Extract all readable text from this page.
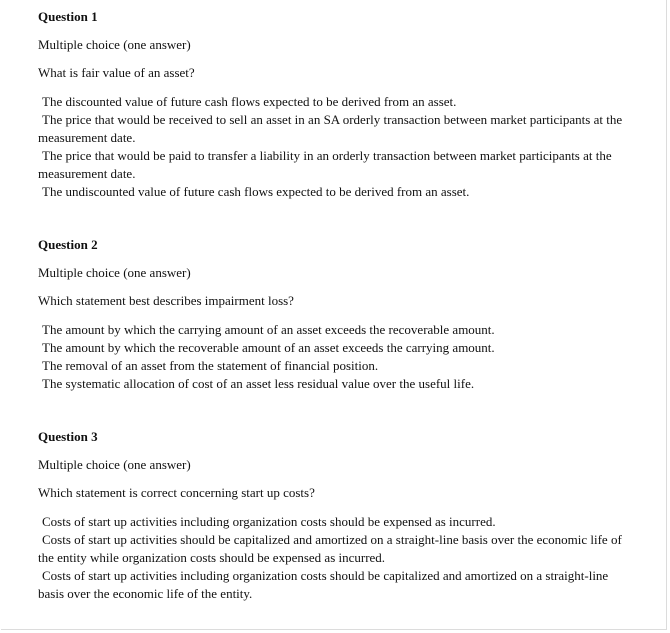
Question 1

Multiple choice (one answer)

What is fair value of an asset?

The discounted value of future cash flows expected to be derived from an asset.
The price that would be received to sell an asset in an SA orderly transaction between market participants at the measurement date.
The price that would be paid to transfer a liability in an orderly transaction between market participants at the measurement date.
The undiscounted value of future cash flows expected to be derived from an asset.

Question 2

Multiple choice (one answer)

Which statement best describes impairment loss?

The amount by which the carrying amount of an asset exceeds the recoverable amount.
The amount by which the recoverable amount of an asset exceeds the carrying amount.
The removal of an asset from the statement of financial position.
The systematic allocation of cost of an asset less residual value over the useful life.

Question 3

Multiple choice (one answer)

Which statement is correct concerning start up costs?

Costs of start up activities including organization costs should be expensed as incurred.
Costs of start up activities should be capitalized and amortized on a straight-line basis over the economic life of the entity while organization costs should be expensed as incurred.
Costs of start up activities including organization costs should be capitalized and amortized on a straight-line basis over the economic life of the entity.
